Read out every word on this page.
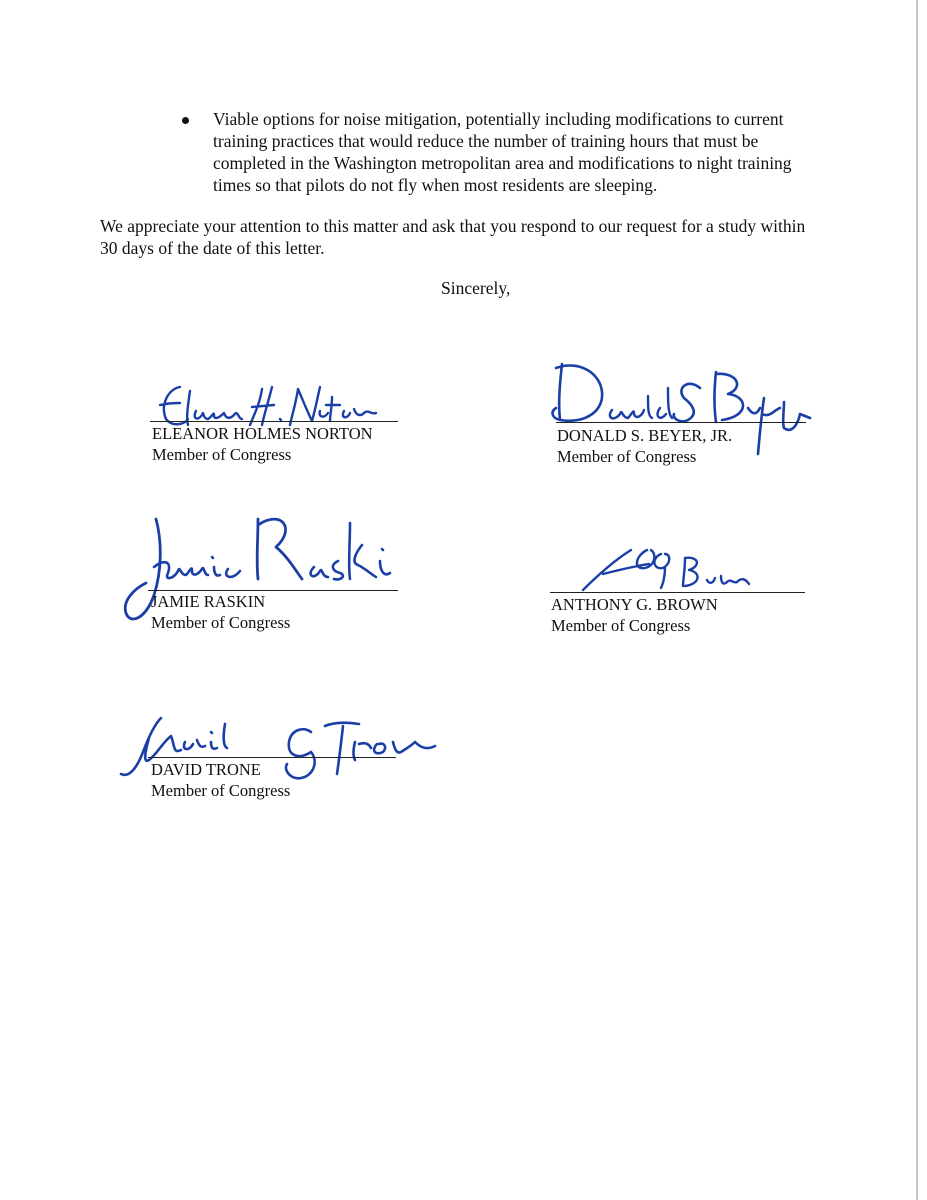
Viable options for noise mitigation, potentially including modifications to current training practices that would reduce the number of training hours that must be completed in the Washington metropolitan area and modifications to night training times so that pilots do not fly when most residents are sleeping.

We appreciate your attention to this matter and ask that you respond to our request for a study within 30 days of the date of this letter.

Sincerely,
ELEANOR HOLMES NORTON
Member of Congress
DONALD S. BEYER, JR.
Member of Congress
JAMIE RASKIN
Member of Congress
ANTHONY G. BROWN
Member of Congress
DAVID TRONE
Member of Congress
